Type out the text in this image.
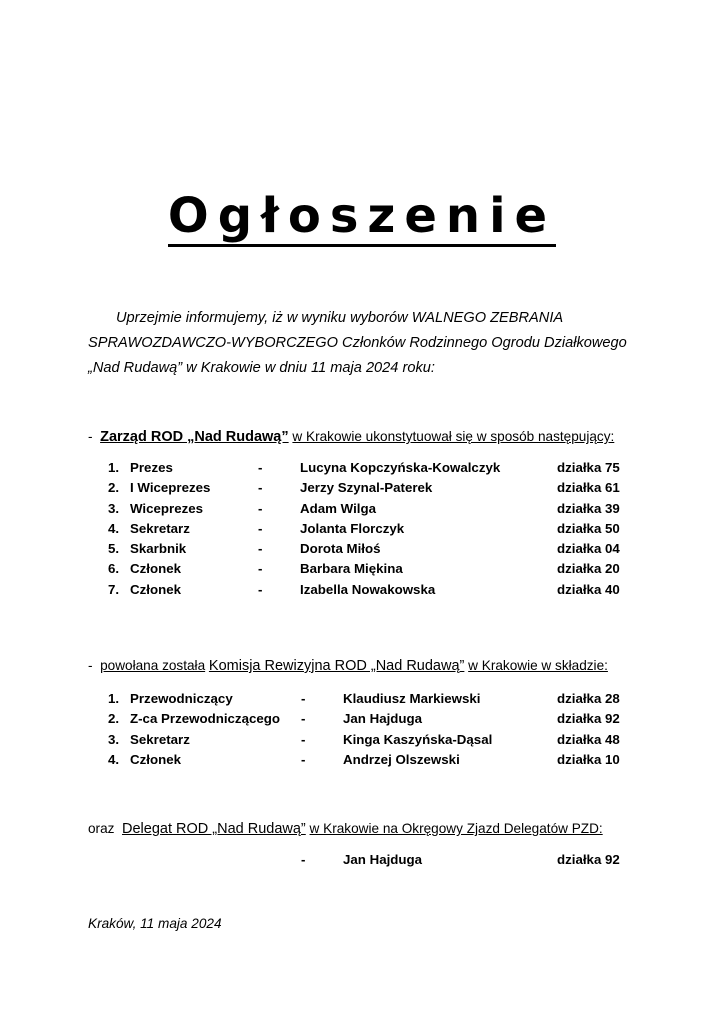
Ogłoszenie

Uprzejmie informujemy, iż w wyniku wyborów WALNEGO ZEBRANIA

SPRAWOZDAWCZO-WYBORCZEGO Członków Rodzinnego Ogrodu Działkowego

„Nad Rudawą” w Krakowie w dniu 11 maja 2024 roku:

- Zarząd ROD „Nad Rudawą” w Krakowie ukonstytuował się w sposób następujący:
1. Prezes	-	Lucyna Kopczyńska-Kowalczyk	działka 75
2. I Wiceprezes	-	Jerzy Szynal-Paterek	działka 61
3. Wiceprezes	-	Adam Wilga	działka 39
4. Sekretarz	-	Jolanta Florczyk	działka 50
5. Skarbnik	-	Dorota Miłoś	działka 04
6. Członek	-	Barbara Miękina	działka 20
7. Członek	-	Izabella Nowakowska	działka 40
- powołana została Komisja Rewizyjna ROD „Nad Rudawą” w Krakowie w składzie:
1. Przewodniczący	-	Klaudiusz Markiewski	działka 28
2. Z-ca Przewodniczącego -	Jan Hajduga	działka 92
3. Sekretarz	-	Kinga Kaszyńska-Dąsal	działka 48
4. Członek	-	Andrzej Olszewski	działka 10
oraz Delegat ROD „Nad Rudawą” w Krakowie na Okręgowy Zjazd Delegatów PZD:
-	Jan Hajduga	działka 92
Kraków, 11 maja 2024
